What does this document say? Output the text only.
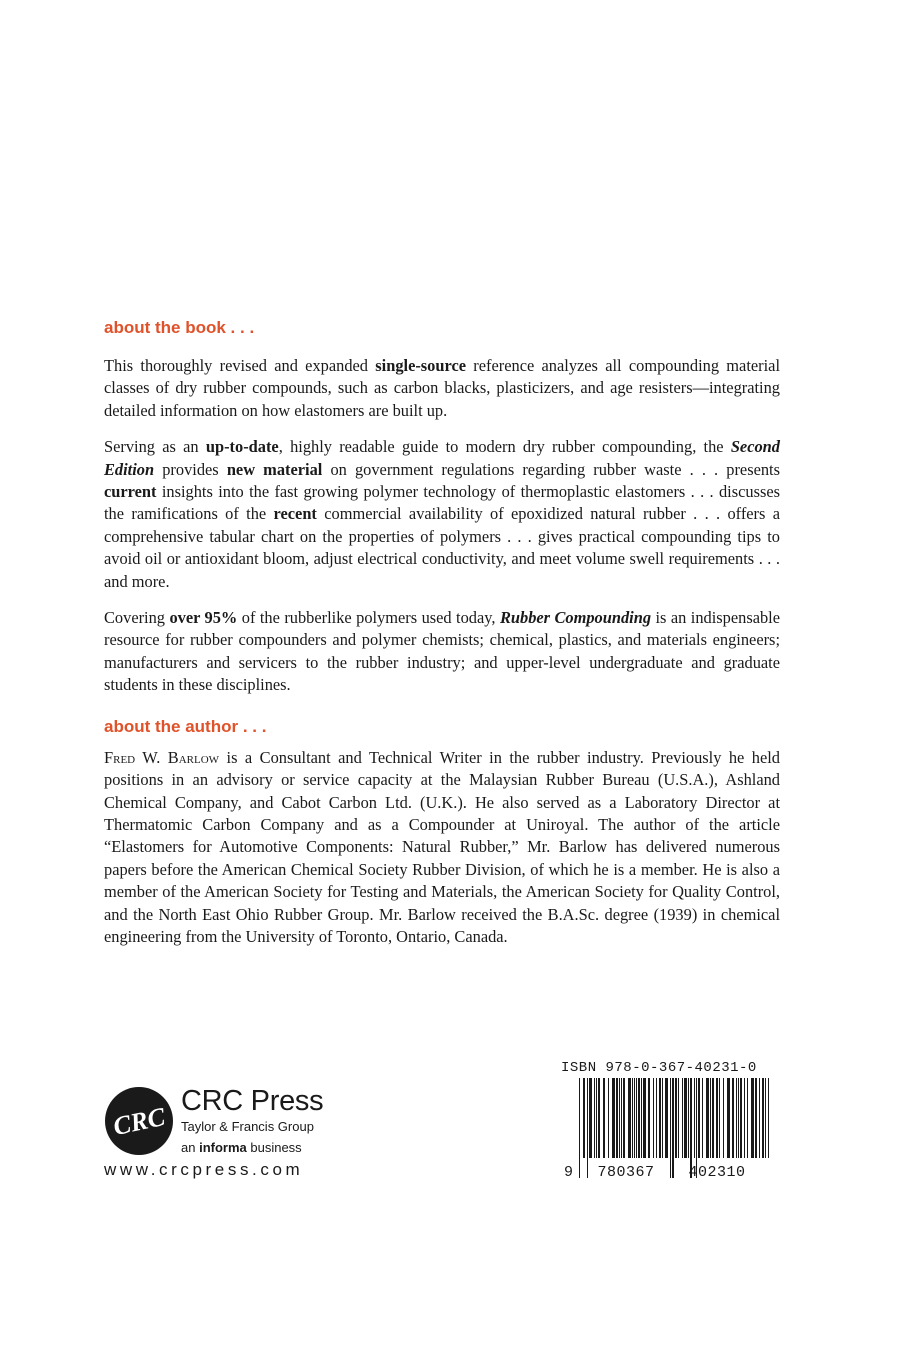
about the book . . .

This thoroughly revised and expanded single-source reference analyzes all compounding material classes of dry rubber compounds, such as carbon blacks, plasticizers, and age resisters—integrating detailed information on how elastomers are built up.

Serving as an up-to-date, highly readable guide to modern dry rubber compounding, the Second Edition provides new material on government regulations regarding rubber waste . . . presents current insights into the fast growing polymer technology of thermoplastic elastomers . . . discusses the ramifications of the recent commercial availability of epoxidized natural rubber . . . offers a comprehensive tabular chart on the properties of polymers . . . gives practical compounding tips to avoid oil or antioxidant bloom, adjust electrical conductivity, and meet volume swell requirements . . . and more.

Covering over 95% of the rubberlike polymers used today, Rubber Compounding is an indispensable resource for rubber compounders and polymer chemists; chemical, plastics, and materials engineers; manufacturers and servicers to the rubber industry; and upper-level undergraduate and graduate students in these disciplines.

about the author . . .

Fred W. Barlow is a Consultant and Technical Writer in the rubber industry. Previously he held positions in an advisory or service capacity at the Malaysian Rubber Bureau (U.S.A.), Ashland Chemical Company, and Cabot Carbon Ltd. (U.K.). He also served as a Laboratory Director at Thermatomic Carbon Company and as a Compounder at Uniroyal. The author of the article “Elastomers for Automotive Components: Natural Rubber,” Mr. Barlow has delivered numerous papers before the American Chemical Society Rubber Division, of which he is a member. He is also a member of the American Society for Testing and Materials, the American Society for Quality Control, and the North East Ohio Rubber Group. Mr. Barlow received the B.A.Sc. degree (1939) in chemical engineering from the University of Toronto, Ontario, Canada.

CRC
CRC Press
Taylor & Francis Group
an informa business
www.crcpress.com
ISBN 978-0-367-40231-0
9 780367 402310
